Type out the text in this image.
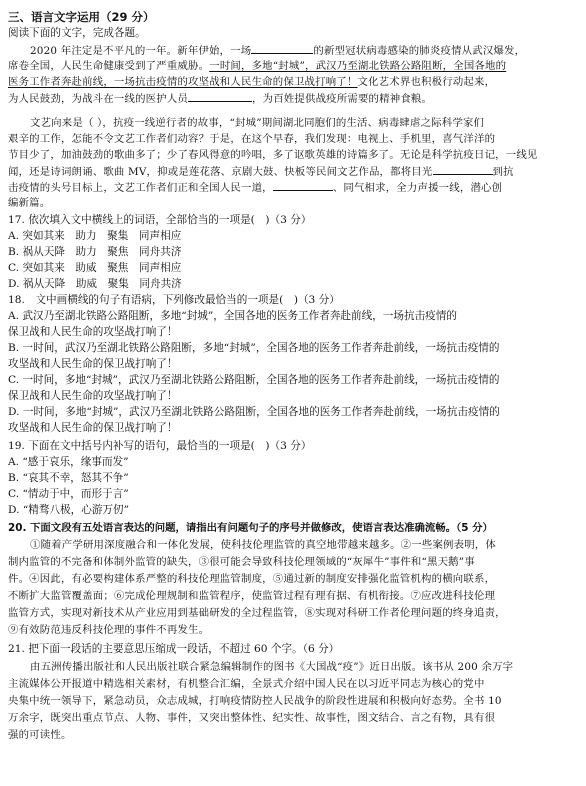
三、语言文字运用（29 分）
阅读下面的文字，完成各题。
2020 年注定是不平凡的一年。新年伊始，一场	的新型冠状病毒感染的肺炎疫情从武汉爆发，
席卷全国，人民生命健康受到了严重威胁。一时间，多地“封城”，武汉乃至湖北铁路公路阻断，全国各地的
医务工作者奔赴前线，一场抗击疫情的攻坚战和人民生命的保卫战打响了！文化艺术界也积极行动起来，
为人民鼓劲，为战斗在一线的医护人员	，为百姓提供战疫所需要的精神食粮。
文艺向来是（ ），抗疫一线逆行者的故事，“封城”期间湖北同胞们的生活、病毒肆虐之际科学家们
艰辛的工作，怎能不令文艺工作者们动容？于是，在这个早春，我们发现：电视上、手机里，喜气洋洋的
节目少了，加油鼓劲的歌曲多了；少了春风得意的吟唱，多了讴歌英雄的诗篇多了。无论是科学抗疫日记，一线见
闻，还是诗词朗诵、歌曲 MV，抑或是莲花落、京剧大鼓、快板等民间文艺作品，都将目光	到抗
击疫情的头号目标上，文艺工作者们正和全国人民一道，	、同气相求，全力声援一线，潜心创
编新篇。
17. 依次填入文中横线上的词语，全部恰当的一项是(　)（3 分）
A. 突如其来　助力　聚集　同声相应
B. 祸从天降　助力　聚焦　同舟共济
C. 突如其来　助威　聚焦　同声相应
D. 祸从天降　助威　聚集　同舟共济
18.　文中画横线的句子有语病，下列修改最恰当的一项是(　)（3 分）
A. 武汉乃至湖北铁路公路阻断，多地“封城”，全国各地的医务工作者奔赴前线，一场抗击疫情的
保卫战和人民生命的攻坚战打响了！
B. 一时间，武汉乃至湖北铁路公路阻断，多地“封城”，全国各地的医务工作者奔赴前线，一场抗击疫情的
攻坚战和人民生命的保卫战打响了！
C. 一时间，多地“封城”，武汉乃至湖北铁路公路阻断，全国各地的医务工作者奔赴前线，一场抗击疫情的
保卫战和人民生命的攻坚战打响了！
D. 一时间，多地“封城”，武汉乃至湖北铁路公路阻断，全国各地的医务工作者奔赴前线，一场抗击疫情的
攻坚战和人民生命的保卫战打响了！
19. 下面在文中括号内补写的语句，最恰当的一项是(　)（3 分）
A. “感于哀乐，缘事而发”
B. “哀其不幸，怒其不争”
C. “情动于中，而形于言”
D. “精骛八极，心游万仞”
20. 下面文段有五处语言表达的问题，请指出有问题句子的序号并做修改，使语言表达准确流畅。（5 分）
①随着产学研用深度融合和一体化发展，使科技伦理监管的真空地带越来越多。②一些案例表明，体
制内监管的不完备和体制外监管的缺失，③很可能会导致科技伦理领域的“灰犀牛”事件和“黑天鹅”事
件。④因此，有必要构建体系严整的科技伦理监管制度，⑤通过新的制度安排强化监管机构的横向联系，
不断扩大监管覆盖面；⑥完成伦理规制和监管程序，使监管过程有理有据、有机衔接。⑦应改进科技伦理
监管方式，实现对新技术从产业应用到基础研发的全过程监管，⑧实现对科研工作者伦理问题的终身追责，
⑨有效防范违反科技伦理的事件不再发生。
21. 把下面一段话的主要意思压缩成一段话，不超过 60 个字。（6 分）
由五洲传播出版社和人民出版社联合紧急编辑制作的图书《大国战“疫”》近日出版。该书从 200 余万字
主流媒体公开报道中精选相关素材，有机整合汇编，全景式介绍中国人民在以习近平同志为核心的党中
央集中统一领导下，紧急动员，众志成城，打响疫情防控人民战争的阶段性进展和积极向好态势。全书 10
万余字，既突出重点节点、人物、事件，又突出整体性、纪实性、故事性，图文结合、言之有物，具有很
强的可读性。
